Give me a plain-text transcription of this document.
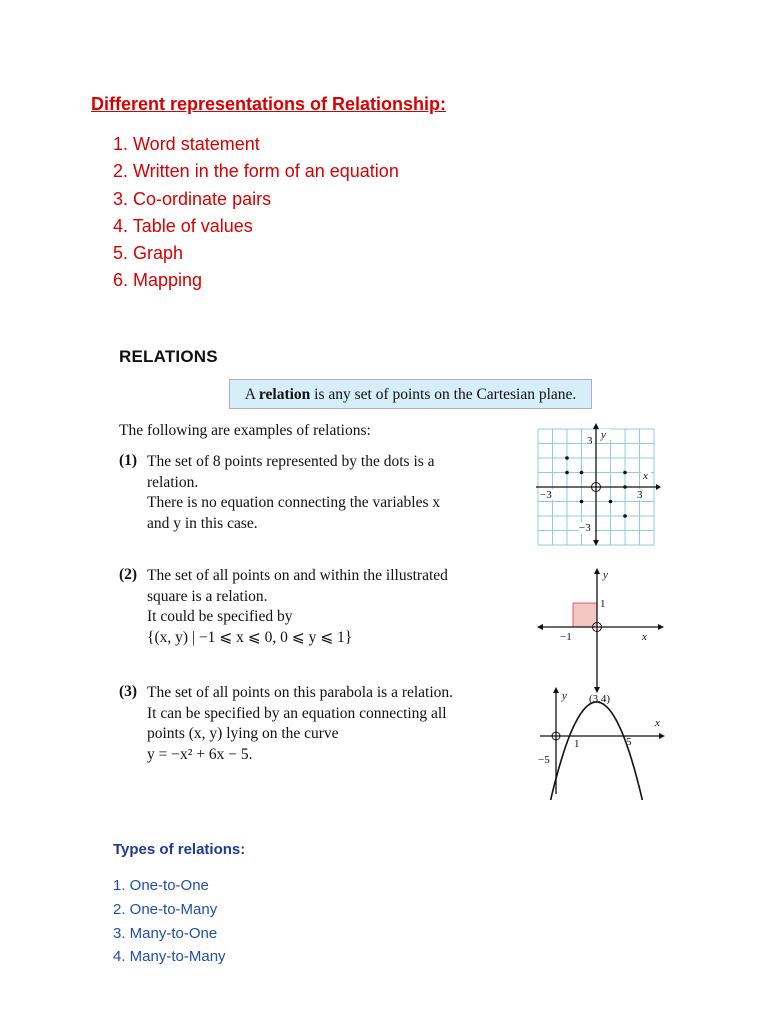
Different representations of Relationship:
1. Word statement
2. Written in the form of an equation
3. Co-ordinate pairs
4. Table of values
5. Graph
6. Mapping
RELATIONS
A relation is any set of points on the Cartesian plane.
The following are examples of relations:
(1) The set of 8 points represented by the dots is a
relation.
There is no equation connecting the variables x
and y in this case.
(2) The set of all points on and within the illustrated
square is a relation.
It could be specified by
{(x, y) | −1 ⩽ x ⩽ 0, 0 ⩽ y ⩽ 1}
(3) The set of all points on this parabola is a relation.
It can be specified by an equation connecting all
points (x, y) lying on the curve
y = −x² + 6x − 5.
y
x
3
−3
−3	3
y
x
1
−1
y (3,4)
x
1	5
−5
Types of relations:
1. One-to-One
2. One-to-Many
3. Many-to-One
4. Many-to-Many
